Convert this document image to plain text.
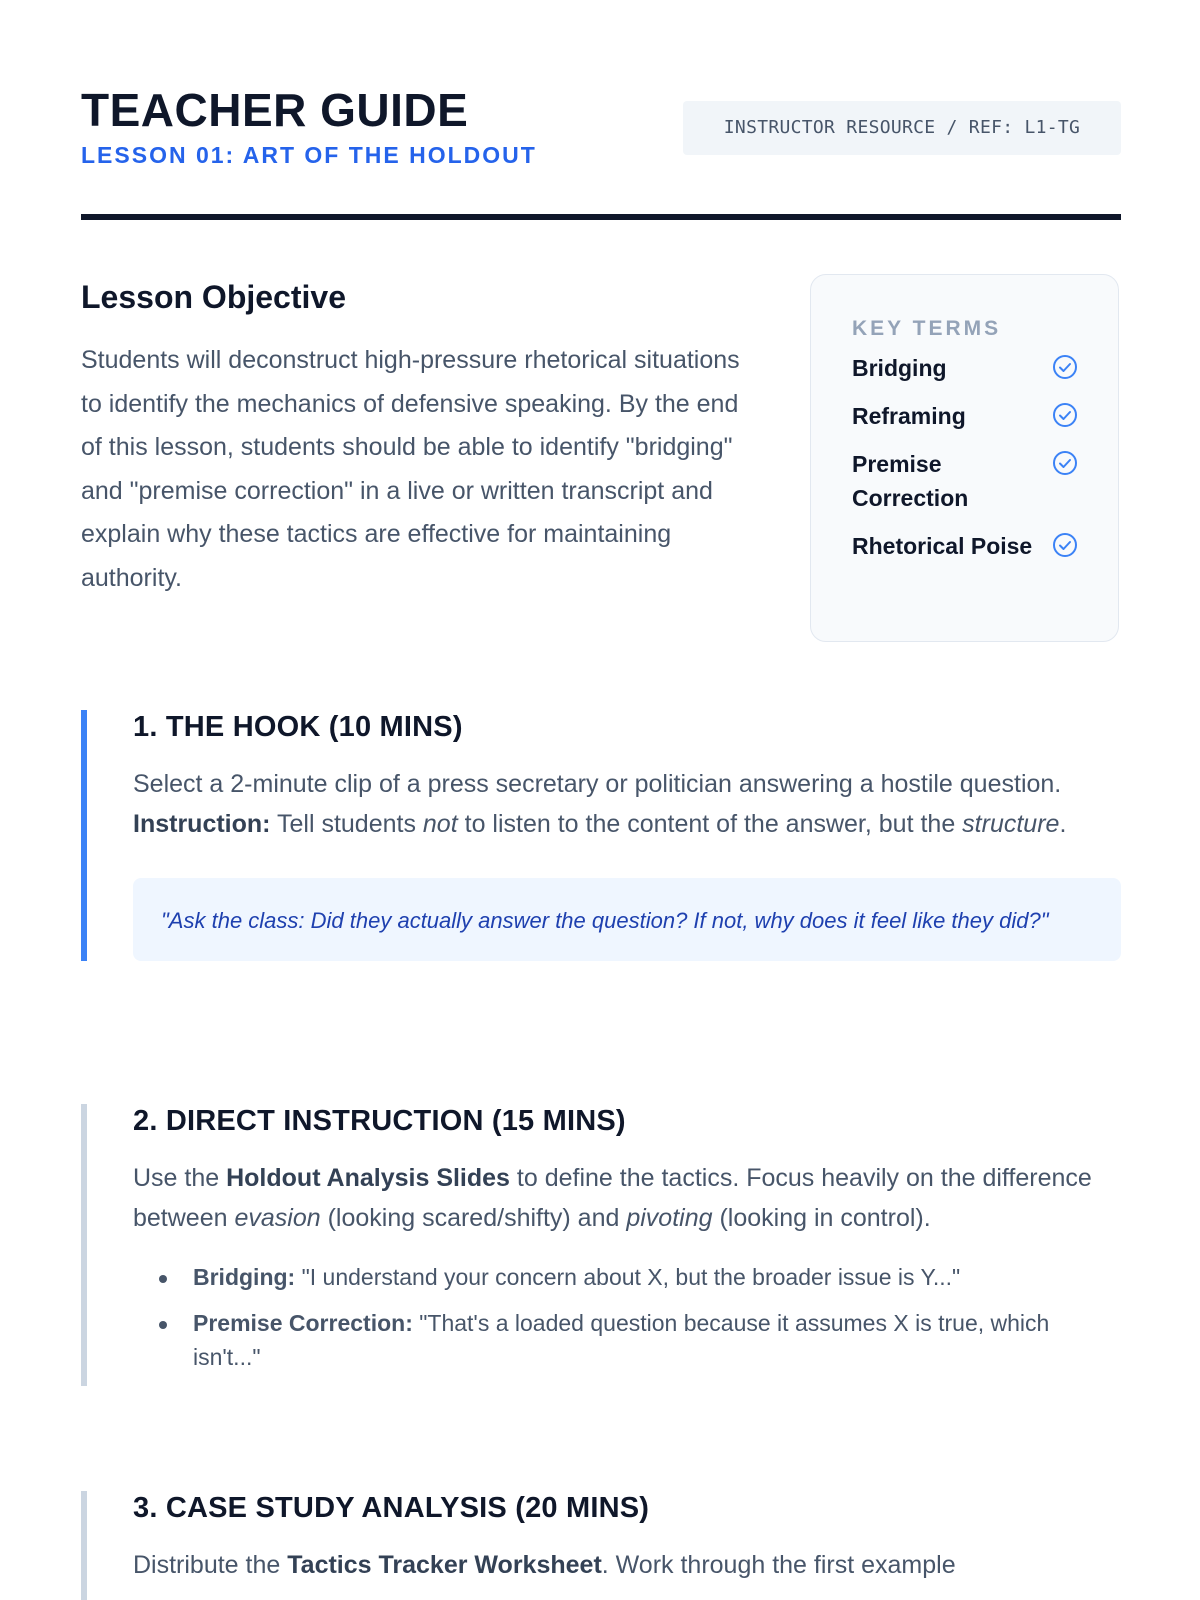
TEACHER GUIDE
LESSON 01: ART OF THE HOLDOUT
INSTRUCTOR RESOURCE / REF: L1-TG
Lesson Objective

Students will deconstruct high-pressure rhetorical situations to identify the mechanics of defensive speaking. By the end of this lesson, students should be able to identify "bridging" and "premise correction" in a live or written transcript and explain why these tactics are effective for maintaining authority.

KEY TERMS
Bridging
Reframing
Premise Correction
Rhetorical Poise
1. THE HOOK (10 MINS)

Select a 2-minute clip of a press secretary or politician answering a hostile question. Instruction: Tell students not to listen to the content of the answer, but the structure.

"Ask the class: Did they actually answer the question? If not, why does it feel like they did?"
2. DIRECT INSTRUCTION (15 MINS)

Use the Holdout Analysis Slides to define the tactics. Focus heavily on the difference between evasion (looking scared/shifty) and pivoting (looking in control).

Bridging: "I understand your concern about X, but the broader issue is Y..."
Premise Correction: "That's a loaded question because it assumes X is true, which isn't..."
3. CASE STUDY ANALYSIS (20 MINS)

Distribute the Tactics Tracker Worksheet. Work through the first example
